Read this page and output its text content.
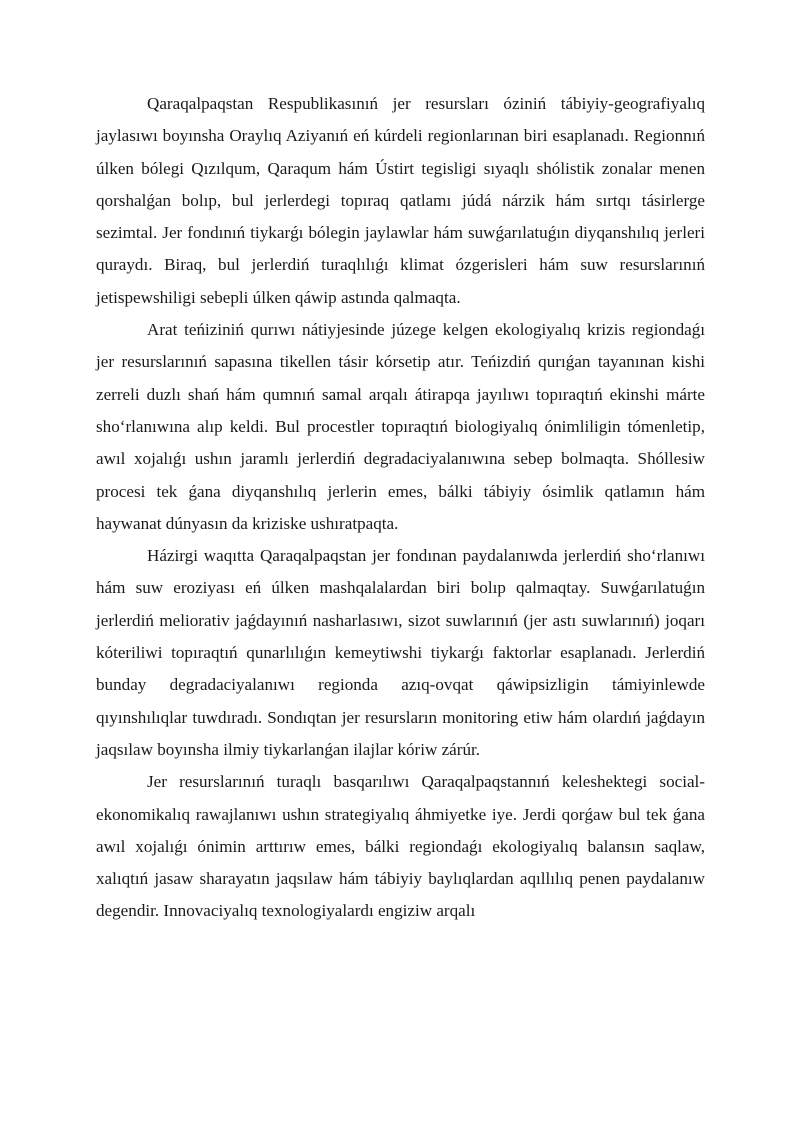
Qaraqalpaqstan Respublikasınıń jer resursları óziniń tábiyiy-geografiyalıq jaylasıwı boyınsha Oraylıq Aziyanıń eń kúrdeli regionlarınan biri esaplanadı. Regionnıń úlken bólegi Qızılqum, Qaraqum hám Ústirt tegisligi sıyaqlı shólistik zonalar menen qorshalǵan bolıp, bul jerlerdegi topıraq qatlamı júdá nárzik hám sırtqı tásirlerge sezimtal. Jer fondınıń tiykarǵı bólegin jaylawlar hám suwǵarılatuǵın diyqanshılıq jerleri quraydı. Biraq, bul jerlerdiń turaqlılıǵı klimat ózgerisleri hám suw resurslarınıń jetispewshiligi sebepli úlken qáwip astında qalmaqta.

Arat teńiziniń qurıwı nátiyjesinde júzege kelgen ekologiyalıq krizis regiondaǵı jer resurslarınıń sapasına tikellen tásir kórsetip atır. Teńizdiń qurıǵan tayanınan kishi zerreli duzlı shań hám qumnıń samal arqalı átirapqa jayılıwı topıraqtıń ekinshi márte sho‘rlanıwına alıp keldi. Bul procestler topıraqtıń biologiyalıq ónimliligin tómenletip, awıl xojalıǵı ushın jaramlı jerlerdiń degradaciyalanıwına sebep bolmaqta. Shóllesiw procesi tek ǵana diyqanshılıq jerlerin emes, bálki tábiyiy ósimlik qatlamın hám haywanat dúnyasın da kriziske ushıratpaqta.

Házirgi waqıtta Qaraqalpaqstan jer fondınan paydalanıwda jerlerdiń sho‘rlanıwı hám suw eroziyası eń úlken mashqalalardan biri bolıp qalmaqtay. Suwǵarılatuǵın jerlerdiń meliorativ jaǵdayınıń nasharlasıwı, sizot suwlarınıń (jer astı suwlarınıń) joqarı kóteriliwi topıraqtıń qunarlılıǵın kemeytiwshi tiykarǵı faktorlar esaplanadı. Jerlerdiń bunday degradaciyalanıwı regionda azıq-ovqat qáwipsizligin támiyinlewde qıyınshılıqlar tuwdıradı. Sondıqtan jer resursların monitoring etiw hám olardıń jaǵdayın jaqsılaw boyınsha ilmiy tiykarlanǵan ilajlar kóriw zárúr.

Jer resurslarınıń turaqlı basqarılıwı Qaraqalpaqstannıń keleshektegi social-ekonomikalıq rawajlanıwı ushın strategiyalıq áhmiyetke iye. Jerdi qorǵaw bul tek ǵana awıl xojalıǵı ónimin arttırıw emes, bálki regiondaǵı ekologiyalıq balansın saqlaw, xalıqtıń jasaw sharayatın jaqsılaw hám tábiyiy baylıqlardan aqıllılıq penen paydalanıw degendir. Innovaciyalıq texnologiyalardı engiziw arqalı
